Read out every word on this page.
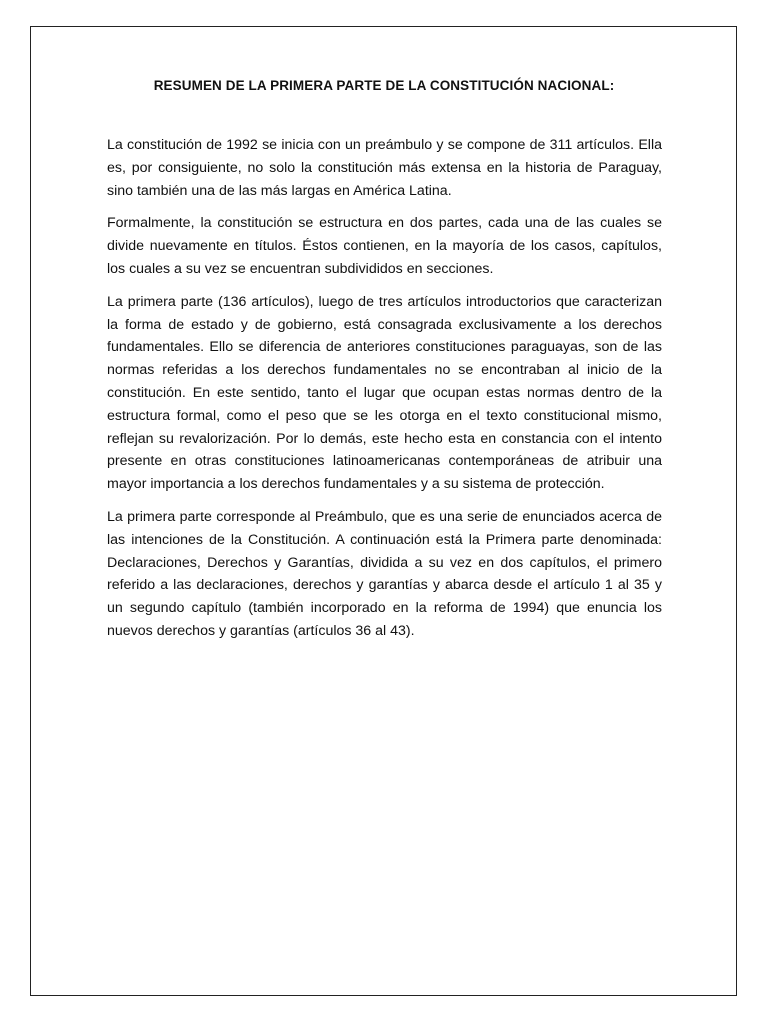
RESUMEN DE LA PRIMERA PARTE DE LA CONSTITUCIÓN NACIONAL:

La constitución de 1992 se inicia con un preámbulo y se compone de 311 artículos. Ella es, por consiguiente, no solo la constitución más extensa en la historia de Paraguay, sino también una de las más largas en América Latina.

Formalmente, la constitución se estructura en dos partes, cada una de las cuales se divide nuevamente en títulos. Éstos contienen, en la mayoría de los casos, capítulos, los cuales a su vez se encuentran subdivididos en secciones.

La primera parte (136 artículos), luego de tres artículos introductorios que caracterizan la forma de estado y de gobierno, está consagrada exclusivamente a los derechos fundamentales. Ello se diferencia de anteriores constituciones paraguayas, son de las normas referidas a los derechos fundamentales no se encontraban al inicio de la constitución. En este sentido, tanto el lugar que ocupan estas normas dentro de la estructura formal, como el peso que se les otorga en el texto constitucional mismo, reflejan su revalorización. Por lo demás, este hecho esta en constancia con el intento presente en otras constituciones latinoamericanas contemporáneas de atribuir una mayor importancia a los derechos fundamentales y a su sistema de protección.

La primera parte corresponde al Preámbulo, que es una serie de enunciados acerca de las intenciones de la Constitución. A continuación está la Primera parte denominada: Declaraciones, Derechos y Garantías, dividida a su vez en dos capítulos, el primero referido a las declaraciones, derechos y garantías y abarca desde el artículo 1 al 35 y un segundo capítulo (también incorporado en la reforma de 1994) que enuncia los nuevos derechos y garantías (artículos 36 al 43).
